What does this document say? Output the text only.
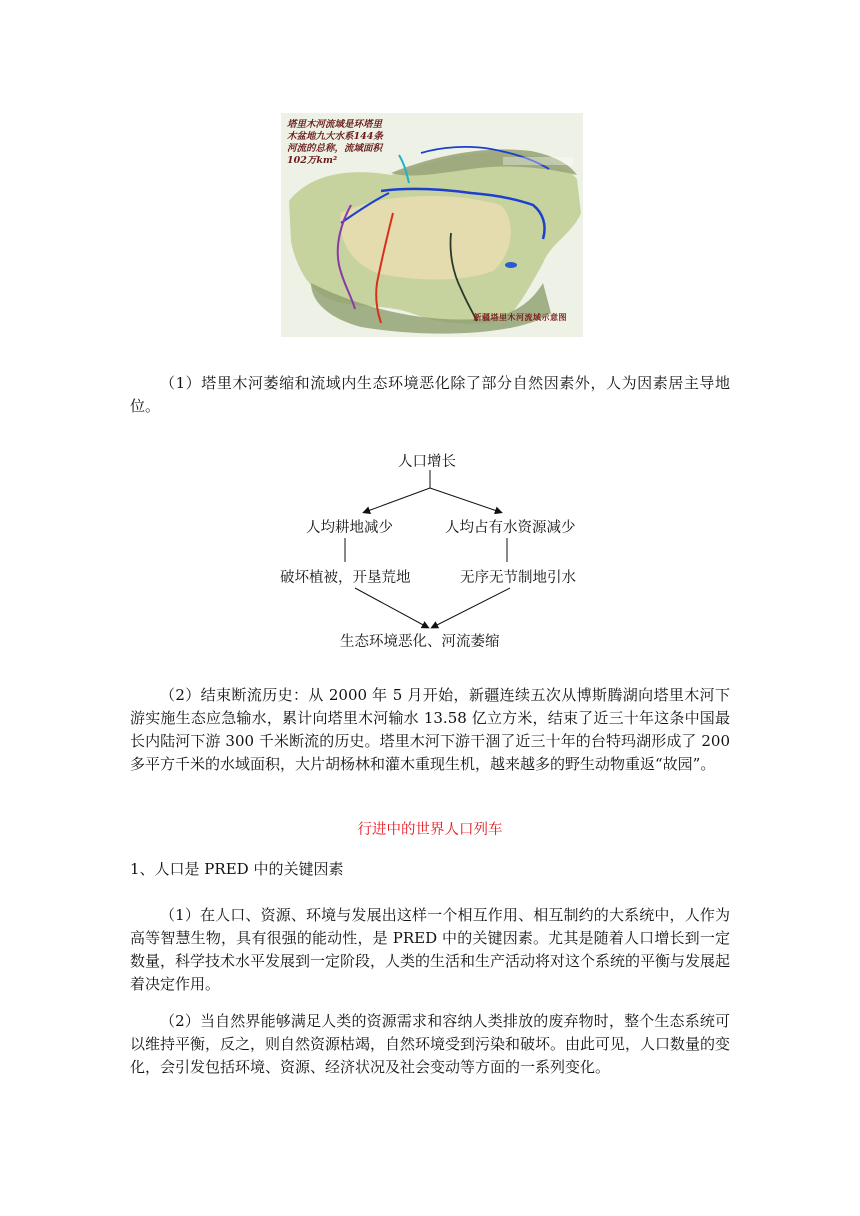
塔里木河流域是环塔里木盆地九大水系144条河流的总称，流域面积102万km²
新疆塔里木河流域示意图

（1）塔里木河萎缩和流域内生态环境恶化除了部分自然因素外，人为因素居主导地位。

人口增长
人均耕地减少	人均占有水资源减少
破坏植被，开垦荒地	无序无节制地引水
生态环境恶化、河流萎缩

（2）结束断流历史：从 2000 年 5 月开始，新疆连续五次从博斯腾湖向塔里木河下游实施生态应急输水，累计向塔里木河输水 13.58 亿立方米，结束了近三十年这条中国最长内陆河下游 300 千米断流的历史。塔里木河下游干涸了近三十年的台特玛湖形成了 200 多平方千米的水域面积，大片胡杨林和灌木重现生机，越来越多的野生动物重返“故园”。

行进中的世界人口列车

1、人口是 PRED 中的关键因素

（1）在人口、资源、环境与发展出这样一个相互作用、相互制约的大系统中，人作为高等智慧生物，具有很强的能动性，是 PRED 中的关键因素。尤其是随着人口增长到一定数量，科学技术水平发展到一定阶段，人类的生活和生产活动将对这个系统的平衡与发展起着决定作用。

（2）当自然界能够满足人类的资源需求和容纳人类排放的废弃物时，整个生态系统可以维持平衡，反之，则自然资源枯竭，自然环境受到污染和破坏。由此可见，人口数量的变化，会引发包括环境、资源、经济状况及社会变动等方面的一系列变化。
